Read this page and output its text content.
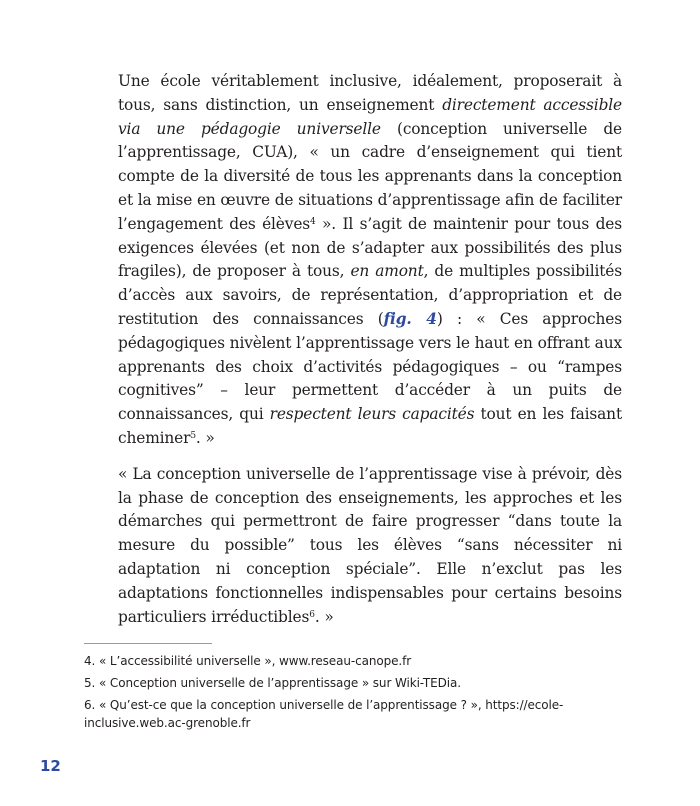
Une école véritablement inclusive, idéalement, proposerait à tous, sans distinction, un enseignement directement accessible via une pédagogie universelle (conception universelle de l’apprentissage, CUA), « un cadre d’enseignement qui tient compte de la diversité de tous les apprenants dans la conception et la mise en œuvre de situations d’apprentissage afin de faciliter l’engagement des élèves$^4$ ». Il s’agit de maintenir pour tous des exigences élevées (et non de s’adapter aux possibilités des plus fragiles), de proposer à tous, en amont, de multiples possibilités d’accès aux savoirs, de représentation, d’appropriation et de restitution des connaissances (fig. 4) : « Ces approches pédagogiques nivèlent l’apprentissage vers le haut en offrant aux apprenants des choix d’activités pédagogiques – ou “rampes cognitives” – leur permettent d’accéder à un puits de connaissances, qui respectent leurs capacités tout en les faisant cheminer$^5$. »

« La conception universelle de l’apprentissage vise à prévoir, dès la phase de conception des enseignements, les approches et les démarches qui permettront de faire progresser “dans toute la mesure du possible” tous les élèves “sans nécessiter ni adaptation ni conception spéciale”. Elle n’exclut pas les adaptations fonctionnelles indispensables pour certains besoins particuliers irréductibles$^6$. »

4. « L’accessibilité universelle », www.reseau-canope.fr
5. « Conception universelle de l’apprentissage » sur Wiki-TEDia.
6. « Qu’est-ce que la conception universelle de l’apprentissage ? », https://ecole-inclusive.web.ac-grenoble.fr
12
